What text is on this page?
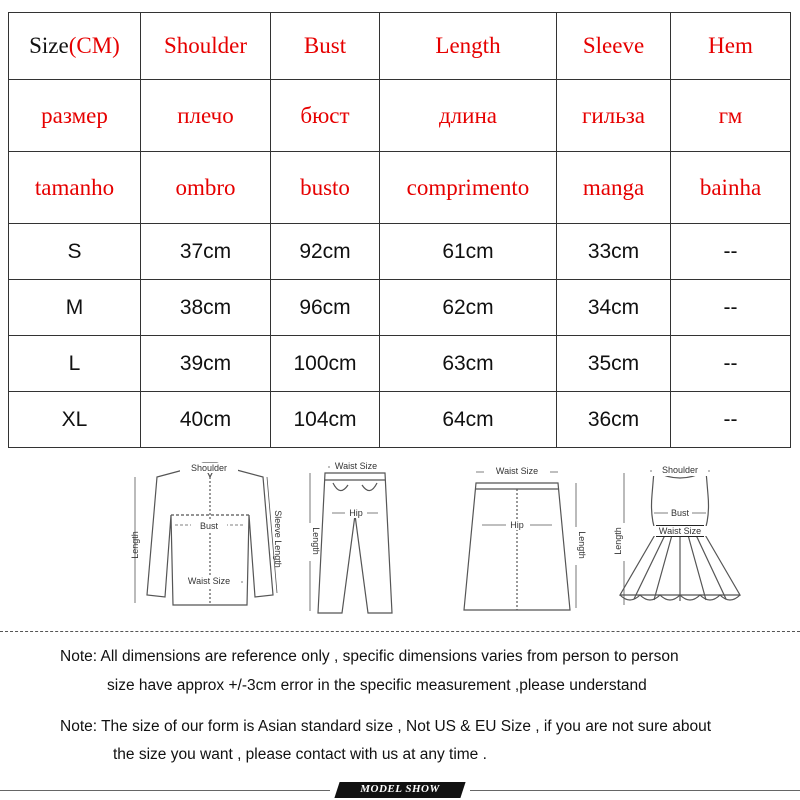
Size(CM)	Shoulder	Bust	Length	Sleeve	Hem
размер	плечо	бюст	длина	гильза	гм
tamanho	ombro	busto	comprimento	manga	bainha
S	37cm	92cm	61cm	33cm	--
M	38cm	96cm	62cm	34cm	--
L	39cm	100cm	63cm	35cm	--
XL	40cm	104cm	64cm	36cm	--
Shoulder
Bust
Waist Size
Length	Sleeve Length
Waist Size
Hip
Length
Waist Size
Hip
Length
Shoulder
Bust
Waist Size
Length
Note: All dimensions are reference only , specific dimensions varies from person to person
size have approx +/-3cm error in the specific measurement ,please understand
Note: The size of our form is Asian standard size , Not US & EU Size , if you are not sure about
the size you want , please contact with us at any time .
MODEL SHOW
